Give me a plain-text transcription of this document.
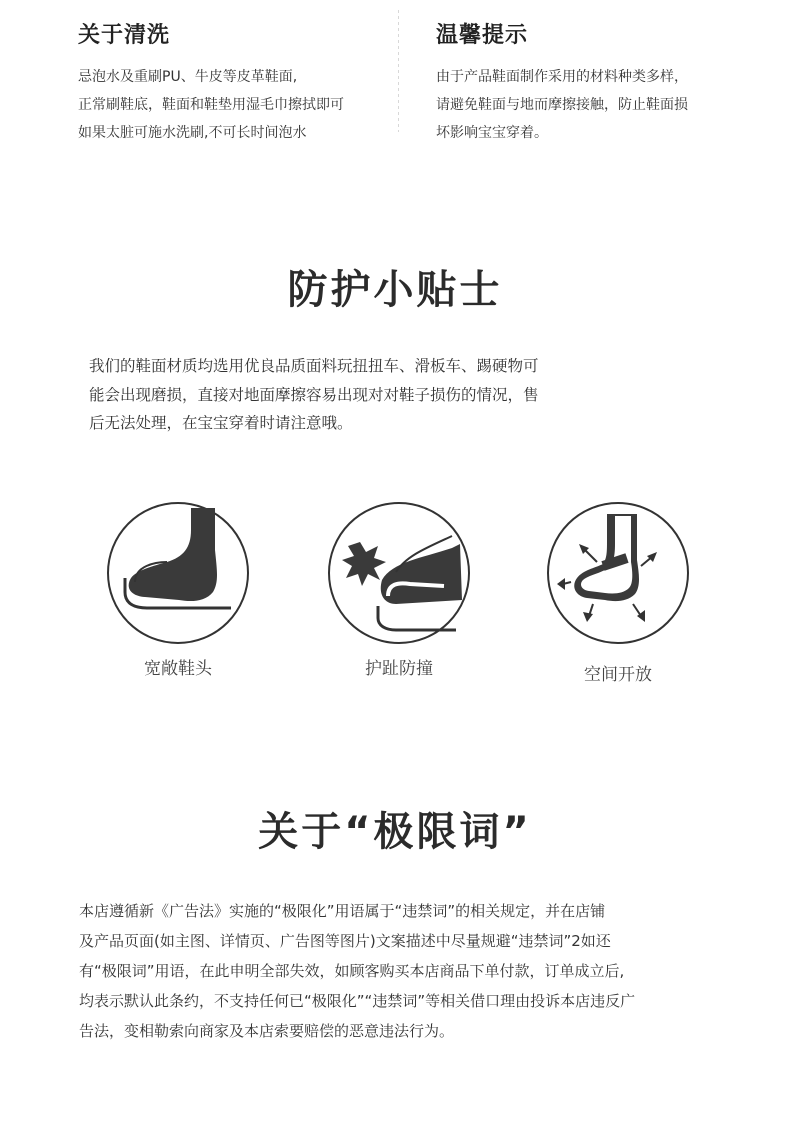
关于清洗

忌泡水及重刷PU、牛皮等皮革鞋面,

正常刷鞋底，鞋面和鞋垫用湿毛巾擦拭即可

如果太脏可施水洗刷,不可长时间泡水

温馨提示

由于产品鞋面制作采用的材料种类多样，

请避免鞋面与地而摩擦接触，防止鞋面损

坏影响宝宝穿着。

防护小贴士
我们的鞋面材质均选用优良品质面料玩扭扭车、滑板车、踢硬物可
能会出现磨损，直接对地面摩擦容易出现对对鞋子损伤的情况，售
后无法处理，在宝宝穿着时请注意哦。
宽敞鞋头	护趾防撞	空间开放
关于“极限词”
本店遵循新《广告法》实施的“极限化”用语属于“违禁词”的相关规定，并在店铺
及产品页面(如主图、详情页、广告图等图片)文案描述中尽量规避“违禁词”2如还
有“极限词”用语，在此申明全部失效，如顾客购买本店商品下单付款，订单成立后,
均表示默认此条约，不支持任何已“极限化”“违禁词”等相关借口理由投诉本店违反广
告法，变相勒索向商家及本店索要赔偿的恶意违法行为。
